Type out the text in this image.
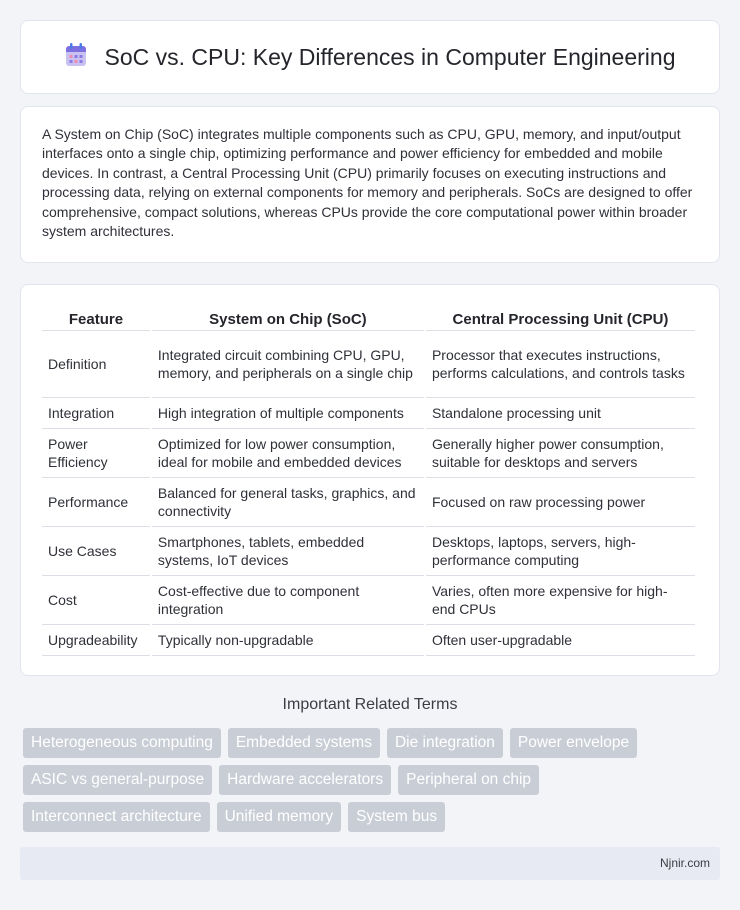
SoC vs. CPU: Key Differences in Computer Engineering

A System on Chip (SoC) integrates multiple components such as CPU, GPU, memory, and input/output interfaces onto a single chip, optimizing performance and power efficiency for embedded and mobile devices. In contrast, a Central Processing Unit (CPU) primarily focuses on executing instructions and processing data, relying on external components for memory and peripherals. SoCs are designed to offer comprehensive, compact solutions, whereas CPUs provide the core computational power within broader system architectures.

Feature	System on Chip (SoC)	Central Processing Unit (CPU)
Definition	Integrated circuit combining CPU, GPU, memory, and peripherals on a single chip	Processor that executes instructions, performs calculations, and controls tasks
Integration	High integration of multiple components	Standalone processing unit
Power Efficiency	Optimized for low power consumption, ideal for mobile and embedded devices	Generally higher power consumption, suitable for desktops and servers
Performance	Balanced for general tasks, graphics, and connectivity	Focused on raw processing power
Use Cases	Smartphones, tablets, embedded systems, IoT devices	Desktops, laptops, servers, high-performance computing
Cost	Cost-effective due to component integration	Varies, often more expensive for high-end CPUs
Upgradeability	Typically non-upgradable	Often user-upgradable
Important Related Terms
Heterogeneous computing	Embedded systems	Die integration	Power envelope
ASIC vs general-purpose	Hardware accelerators	Peripheral on chip
Interconnect architecture	Unified memory	System bus
Njnir.com
